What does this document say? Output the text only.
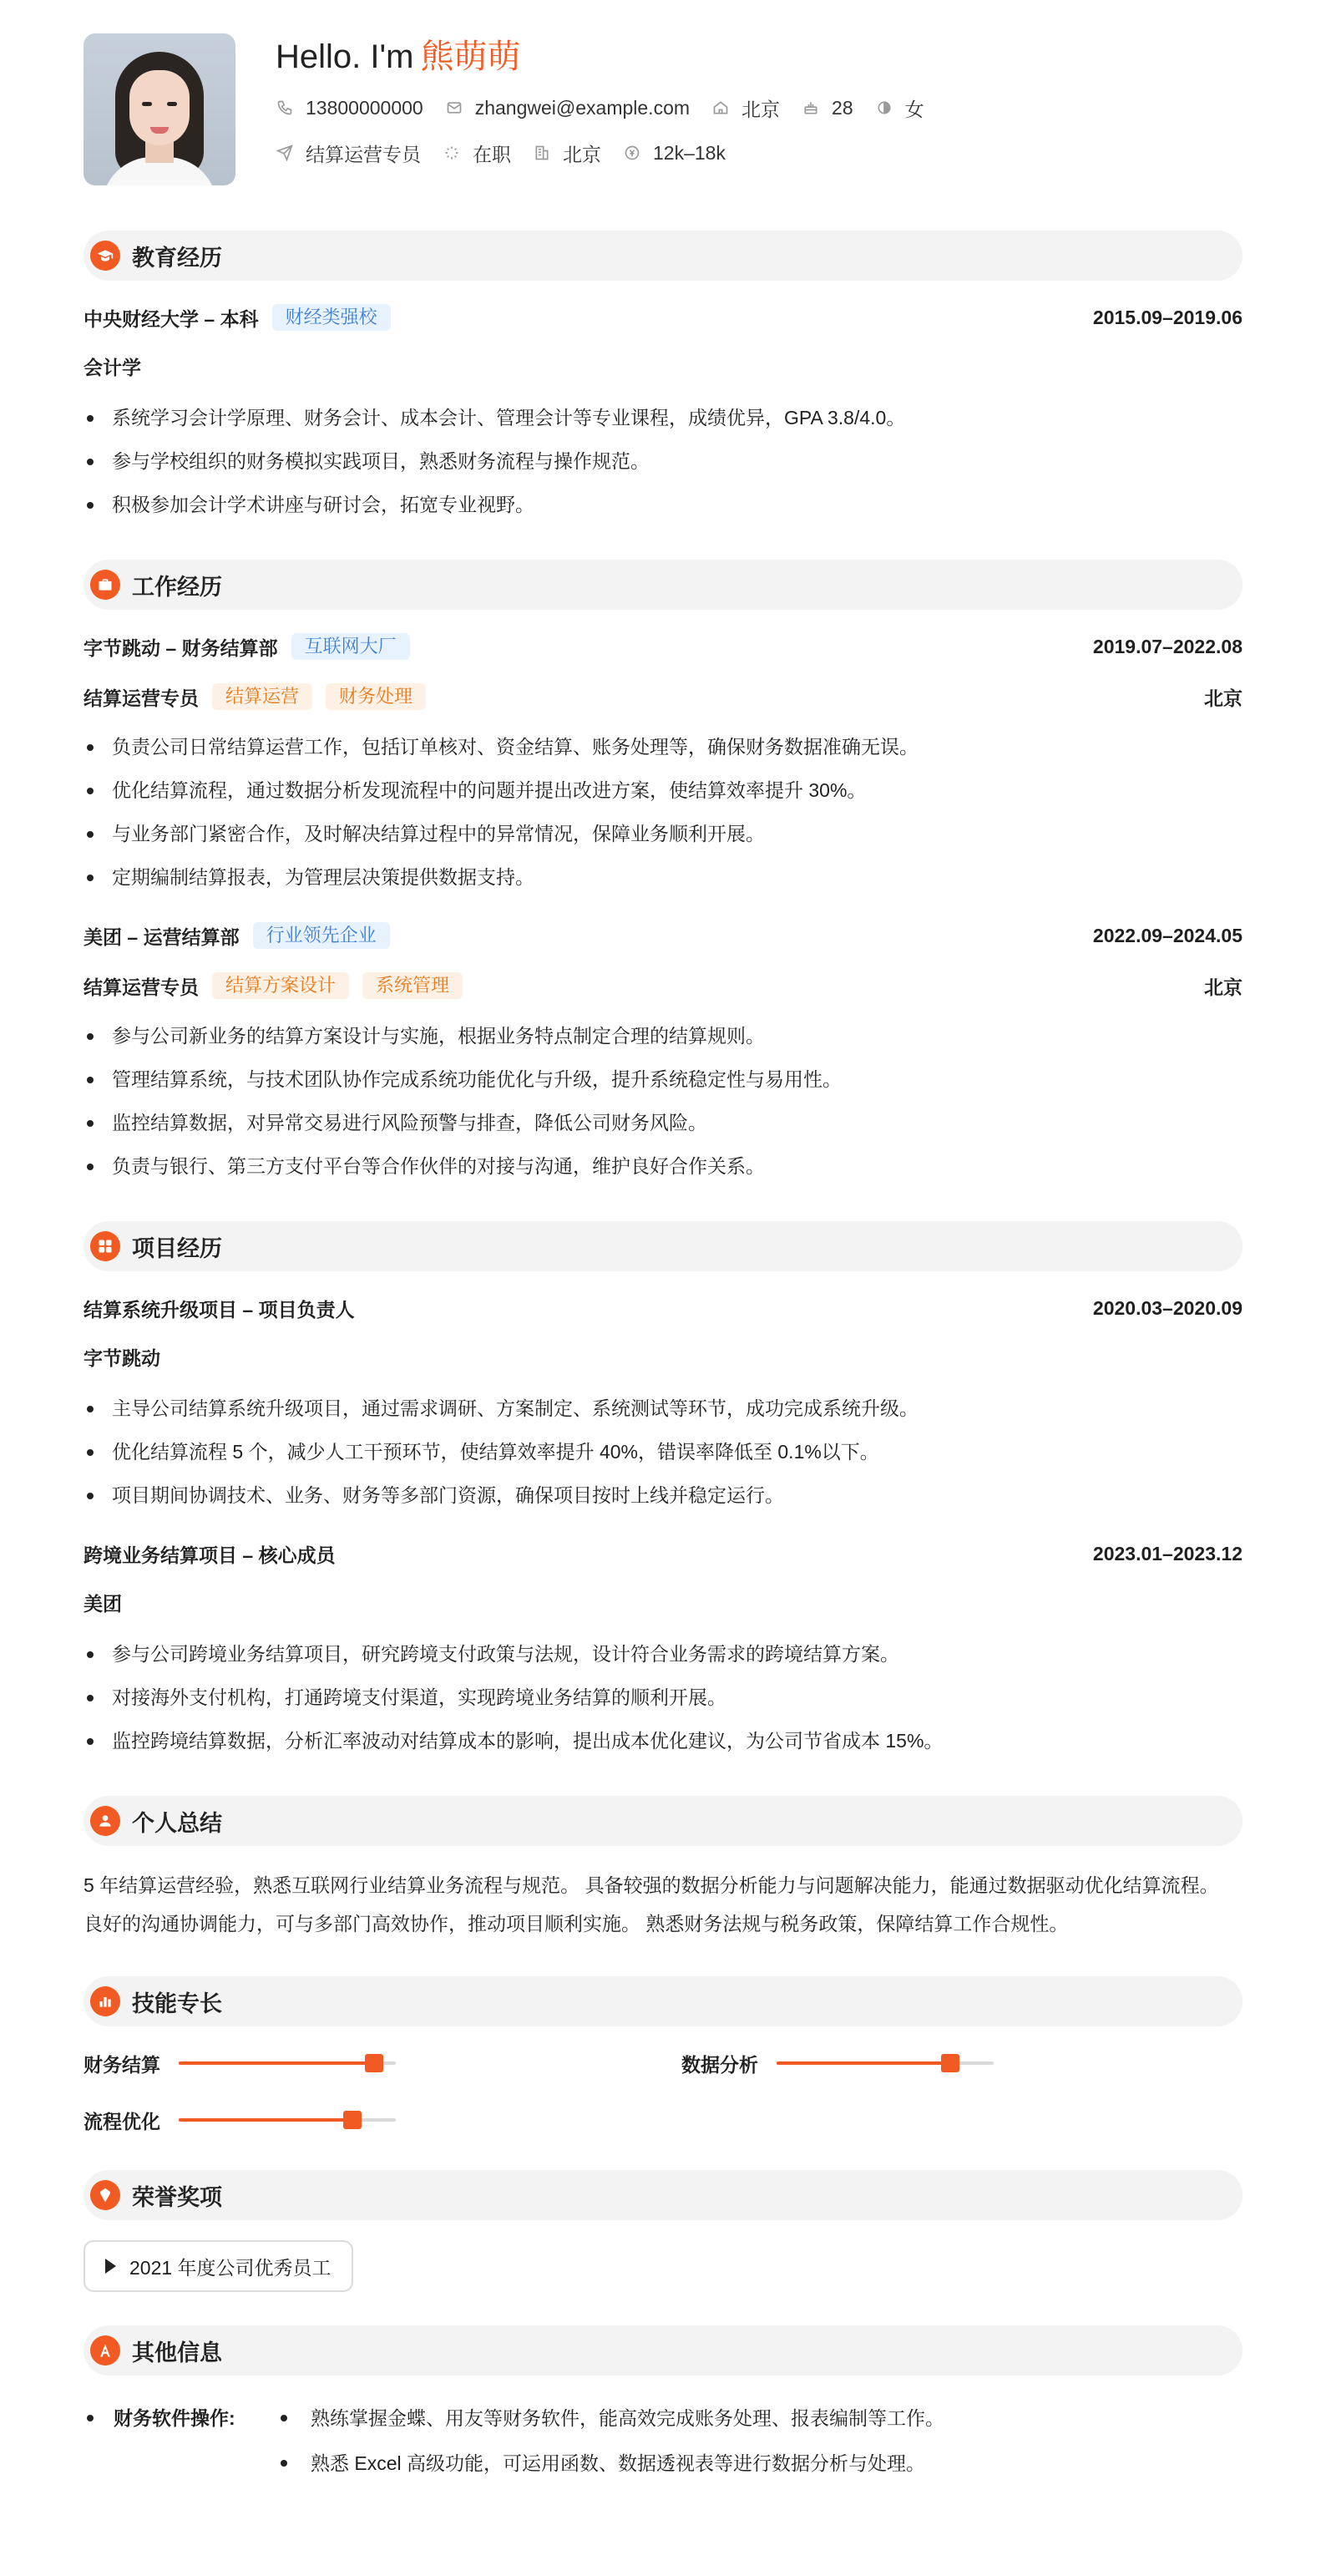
Hello. I'm 熊萌萌
13800000000	zhangwei@example.com	北京	28	女
结算运营专员	在职	北京	12k–18k
教育经历
中央财经大学 – 本科	财经类强校	2015.09–2019.06
会计学
系统学习会计学原理、财务会计、成本会计、管理会计等专业课程，成绩优异，GPA 3.8/4.0。
参与学校组织的财务模拟实践项目，熟悉财务流程与操作规范。
积极参加会计学术讲座与研讨会，拓宽专业视野。
工作经历
字节跳动 – 财务结算部	互联网大厂	2019.07–2022.08
结算运营专员	结算运营	财务处理	北京
负责公司日常结算运营工作，包括订单核对、资金结算、账务处理等，确保财务数据准确无误。
优化结算流程，通过数据分析发现流程中的问题并提出改进方案，使结算效率提升 30%。
与业务部门紧密合作，及时解决结算过程中的异常情况，保障业务顺利开展。
定期编制结算报表，为管理层决策提供数据支持。
美团 – 运营结算部	行业领先企业	2022.09–2024.05
结算运营专员	结算方案设计	系统管理	北京
参与公司新业务的结算方案设计与实施，根据业务特点制定合理的结算规则。
管理结算系统，与技术团队协作完成系统功能优化与升级，提升系统稳定性与易用性。
监控结算数据，对异常交易进行风险预警与排查，降低公司财务风险。
负责与银行、第三方支付平台等合作伙伴的对接与沟通，维护良好合作关系。
项目经历
结算系统升级项目 – 项目负责人	2020.03–2020.09
字节跳动
主导公司结算系统升级项目，通过需求调研、方案制定、系统测试等环节，成功完成系统升级。
优化结算流程 5 个，减少人工干预环节，使结算效率提升 40%，错误率降低至 0.1%以下。
项目期间协调技术、业务、财务等多部门资源，确保项目按时上线并稳定运行。
跨境业务结算项目 – 核心成员	2023.01–2023.12
美团
参与公司跨境业务结算项目，研究跨境支付政策与法规，设计符合业务需求的跨境结算方案。
对接海外支付机构，打通跨境支付渠道，实现跨境业务结算的顺利开展。
监控跨境结算数据，分析汇率波动对结算成本的影响，提出成本优化建议，为公司节省成本 15%。
个人总结
5 年结算运营经验，熟悉互联网行业结算业务流程与规范。 具备较强的数据分析能力与问题解决能力，能通过数据驱动优化结算流程。 良好的沟通协调能力，可与多部门高效协作，推动项目顺利实施。 熟悉财务法规与税务政策，保障结算工作合规性。
技能专长
财务结算	数据分析
流程优化
荣誉奖项
2021 年度公司优秀员工
其他信息
财务软件操作:	熟练掌握金蝶、用友等财务软件，能高效完成账务处理、报表编制等工作。
熟悉 Excel 高级功能，可运用函数、数据透视表等进行数据分析与处理。
